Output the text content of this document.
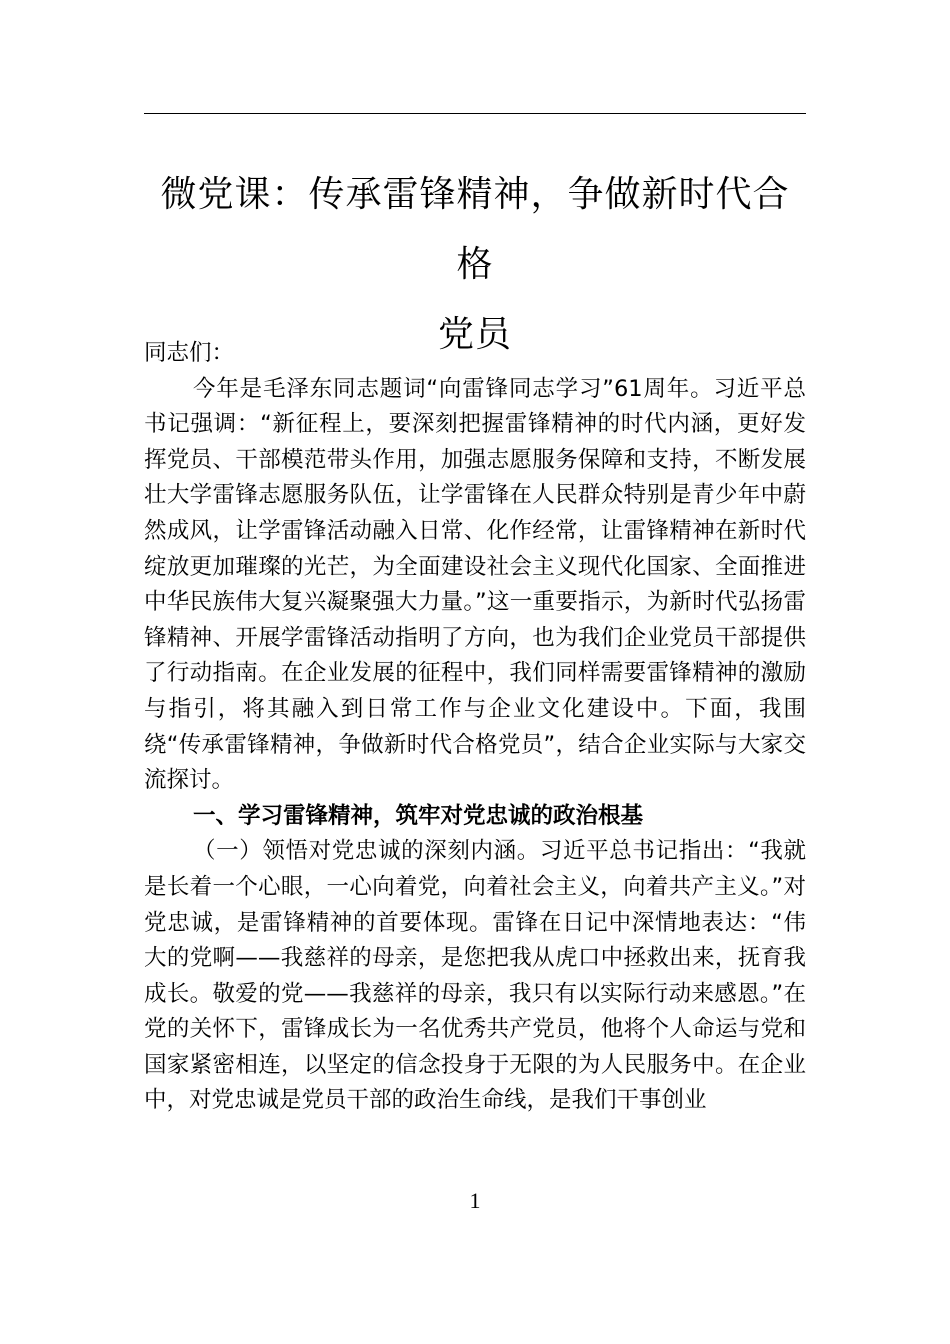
微党课：传承雷锋精神，争做新时代合格
党员

同志们：

今年是毛泽东同志题词“向雷锋同志学习”61周年。习近平总书记强调：“新征程上，要深刻把握雷锋精神的时代内涵，更好发挥党员、干部模范带头作用，加强志愿服务保障和支持，不断发展壮大学雷锋志愿服务队伍，让学雷锋在人民群众特别是青少年中蔚然成风，让学雷锋活动融入日常、化作经常，让雷锋精神在新时代绽放更加璀璨的光芒，为全面建设社会主义现代化国家、全面推进中华民族伟大复兴凝聚强大力量。”这一重要指示，为新时代弘扬雷锋精神、开展学雷锋活动指明了方向，也为我们企业党员干部提供了行动指南。在企业发展的征程中，我们同样需要雷锋精神的激励与指引，将其融入到日常工作与企业文化建设中。下面，我围绕“传承雷锋精神，争做新时代合格党员”，结合企业实际与大家交流探讨。

一、学习雷锋精神，筑牢对党忠诚的政治根基

（一）领悟对党忠诚的深刻内涵。习近平总书记指出：“我就是长着一个心眼，一心向着党，向着社会主义，向着共产主义。”对党忠诚，是雷锋精神的首要体现。雷锋在日记中深情地表达：“伟大的党啊——我慈祥的母亲，是您把我从虎口中拯救出来，抚育我成长。敬爱的党——我慈祥的母亲，我只有以实际行动来感恩。”在党的关怀下，雷锋成长为一名优秀共产党员，他将个人命运与党和国家紧密相连，以坚定的信念投身于无限的为人民服务中。在企业中，对党忠诚是党员干部的政治生命线，是我们干事创业

1
